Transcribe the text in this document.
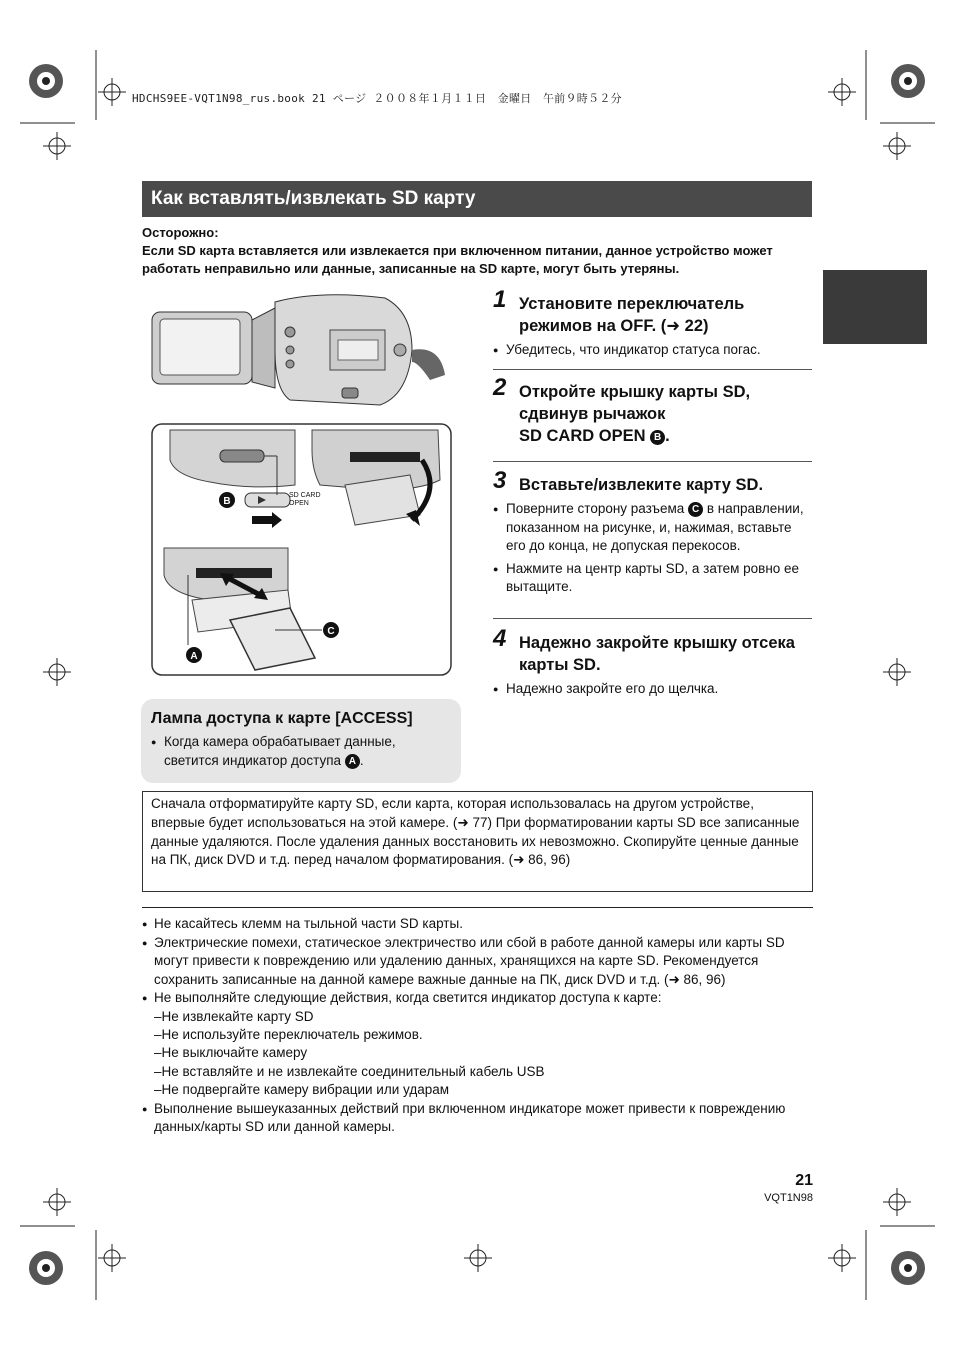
HDCHS9EE-VQT1N98_rus.book 21 ページ ２００８年１月１１日　金曜日　午前９時５２分
Как вставлять/извлекать SD карту

Осторожно:

Если SD карта вставляется или извлекается при включенном питании, данное устройство может работать неправильно или данные, записанные на SD карте, могут быть утеряны.

SD CARD
OPEN
B
C
A
1 Установите переключатель режимов на OFF. (➜ 22)
● Убедитесь, что индикатор статуса погас.
2 Откройте крышку карты SD, сдвинув рычажок
SD CARD OPEN B .
3 Вставьте/извлеките карту SD.
● Поверните сторону разъема C в направлении, показанном на рисунке, и, нажимая, вставьте его до конца, не допуская перекосов.
● Нажмите на центр карты SD, а затем ровно ее вытащите.
4 Надежно закройте крышку отсека карты SD.
● Надежно закройте его до щелчка.
Лампа доступа к карте [ACCESS]
● Когда камера обрабатывает данные, светится индикатор доступа A .
Сначала отформатируйте карту SD, если карта, которая использовалась на другом устройстве, впервые будет использоваться на этой камере. (➜ 77) При форматировании карты SD все записанные данные удаляются. После удаления данных восстановить их невозможно. Скопируйте ценные данные на ПК, диск DVD и т.д. перед началом форматирования. (➜ 86, 96)
● Не касайтесь клемм на тыльной части SD карты.
● Электрические помехи, статическое электричество или сбой в работе данной камеры или карты SD могут привести к повреждению или удалению данных, хранящихся на карте SD. Рекомендуется сохранить записанные на данной камере важные данные на ПК, диск DVD и т.д. (➜ 86, 96)
● Не выполняйте следующие действия, когда светится индикатор доступа к карте:
–Не извлекайте карту SD
–Не используйте переключатель режимов.
–Не выключайте камеру
–Не вставляйте и не извлекайте соединительный кабель USB
–Не подвергайте камеру вибрации или ударам
● Выполнение вышеуказанных действий при включенном индикаторе может привести к повреждению данных/карты SD или данной камеры.
21
VQT1N98
